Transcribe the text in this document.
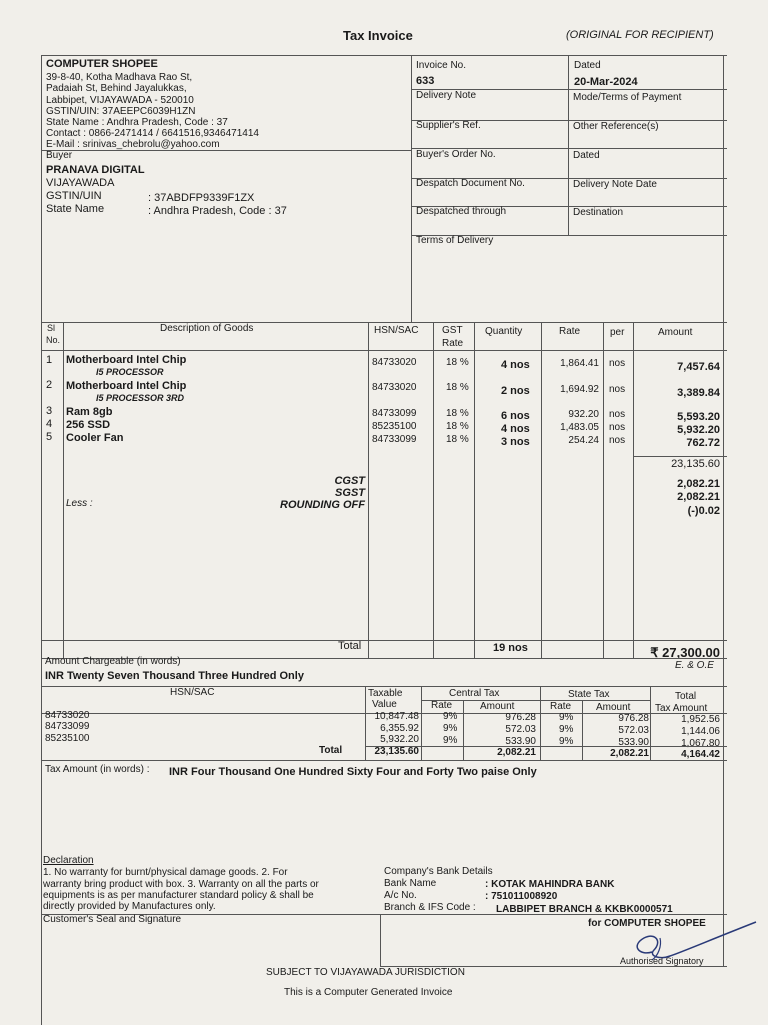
Tax Invoice	(ORIGINAL FOR RECIPIENT)
COMPUTER SHOPEE
39-8-40, Kotha Madhava Rao St,
Padaiah St, Behind Jayalukkas,
Labbipet, VIJAYAWADA - 520010
GSTIN/UIN: 37AEEPC6039H1ZN
State Name : Andhra Pradesh, Code : 37
Contact : 0866-2471414 / 6641516,9346471414
E-Mail : srinivas_chebrolu@yahoo.com
Buyer
PRANAVA DIGITAL
VIJAYAWADA
GSTIN/UIN	: 37ABDFP9339F1ZX
State Name	: Andhra Pradesh, Code : 37
Invoice No.
633
Dated
20-Mar-2024
Delivery Note	Mode/Terms of Payment
Supplier's Ref.	Other Reference(s)
Buyer's Order No.	Dated
Despatch Document No.	Delivery Note Date
Despatched through	Destination
Terms of Delivery
Sl
No.
Description of Goods	HSN/SAC GST
Rate
Quantity	Rate	per	Amount
1 Motherboard Intel Chip
I5 PROCESSOR
84733020	18 %	4 nos	1,864.41 nos	7,457.64
2 Motherboard Intel Chip
I5 PROCESSOR 3RD
84733020	18 %	2 nos	1,694.92 nos	3,389.84
3 Ram 8gb	84733099	18 %	6 nos	932.20 nos	5,593.20
4 256 SSD	85235100	18 %	4 nos	1,483.05 nos	5,932.20
5 Cooler Fan	84733099	18 %	3 nos	254.24 nos	762.72
23,135.60
CGST	2,082.21
SGST	2,082.21
Less :	ROUNDING OFF	(-)0.02
Total	19 nos	₹ 27,300.00
Amount Chargeable (in words)	E. & O.E
INR Twenty Seven Thousand Three Hundred Only
HSN/SAC	Taxable
Value
Central Tax	State Tax
Rate	Amount	Rate Amount
Total
Tax Amount
84733020	10,847.48 9%	976.28 9%	976.28	1,952.56
84733099	6,355.92 9%	572.03 9%	572.03	1,144.06
85235100	5,932.20 9%	533.90 9%	533.90	1,067.80
Total	23,135.60	2,082.21	2,082.21	4,164.42
Tax Amount (in words) : INR Four Thousand One Hundred Sixty Four and Forty Two paise Only
Declaration
1. No warranty for burnt/physical damage goods. 2. For
warranty bring product with box. 3. Warranty on all the parts or
equipments is as per manufacturer standard policy & shall be
directly provided by Manufactures only.
Company's Bank Details
Bank Name	: KOTAK MAHINDRA BANK
A/c No.	: 751011008920
Branch & IFS Code : LABBIPET BRANCH & KKBK0000571
Customer's Seal and Signature	for COMPUTER SHOPEE
Authorised Signatory
SUBJECT TO VIJAYAWADA JURISDICTION
This is a Computer Generated Invoice
